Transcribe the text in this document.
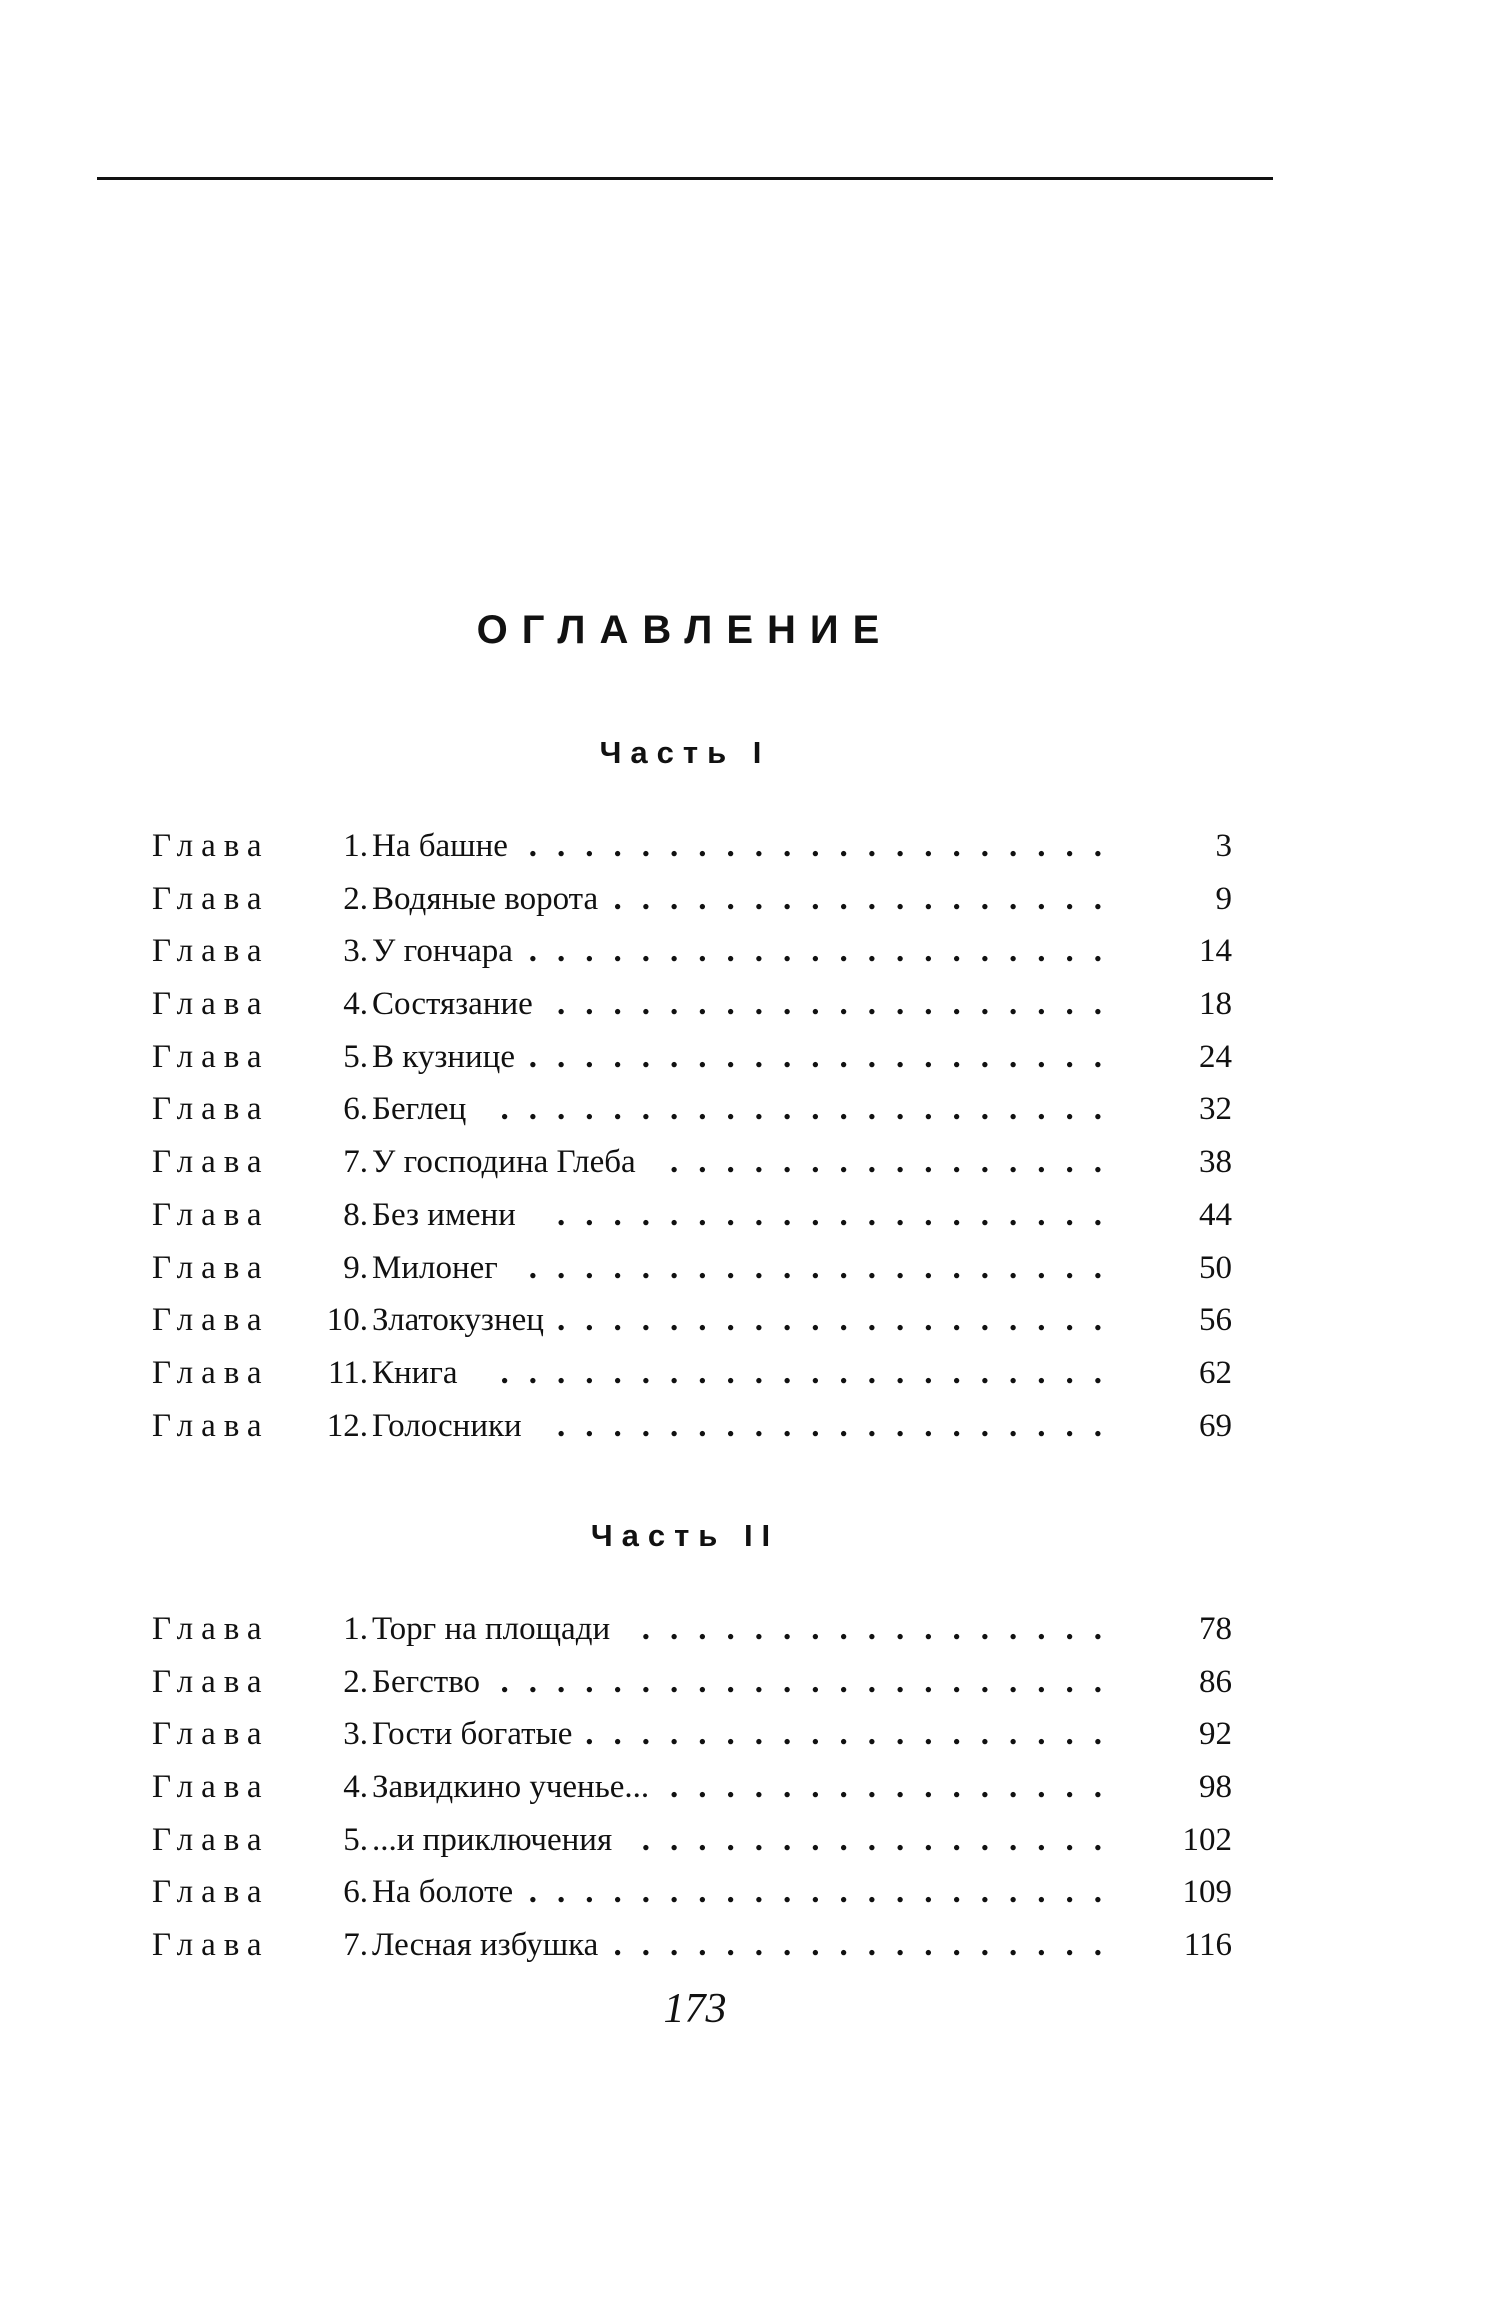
ОГЛАВЛЕНИЕ
Часть I
Глава 1. На башне .....................	3
Глава 2. Водяные ворота ..................	9
Глава 3. У гончара ..................... 14
Глава 4. Состязание .................... 18
Глава 5. В кузнице ..................... 24
Глава 6. Беглец ...................... 32
Глава 7. У господина Глеба ................ 38
Глава 8. Без имени .................... 44
Глава 9. Милонег ..................... 50
Глава 10. Златокузнец .................... 56
Глава 11. Книга ...................... 62
Глава 12. Голосники .................... 69
Часть II
Глава 1. Торг на площади ................. 78
Глава 2. Бегство ...................... 86
Глава 3. Гости богатые ................... 92
Глава 4. Завидкино ученье... ................ 98
Глава 5. ...и приключения ................. 102
Глава 6. На болоте ..................... 109
Глава 7. Лесная избушка .................. 116
173
